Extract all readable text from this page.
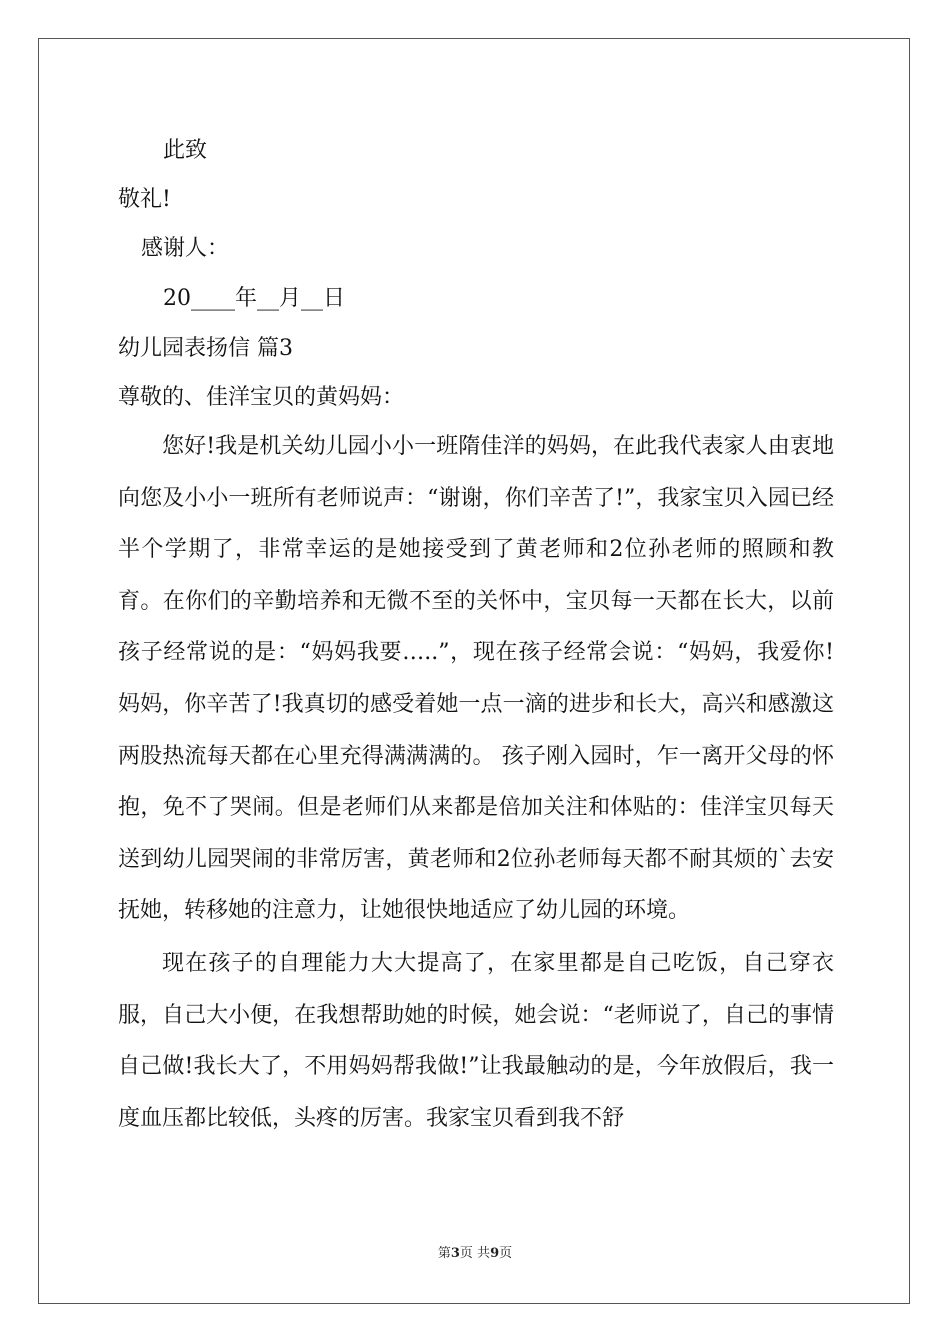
此致
敬礼!
感谢人：
20____年__月__日
幼儿园表扬信 篇3
尊敬的、佳洋宝贝的黄妈妈：

您好!我是机关幼儿园小小一班隋佳洋的妈妈，在此我代表家人由衷地向您及小小一班所有老师说声：“谢谢，你们辛苦了!”，我家宝贝入园已经半个学期了，非常幸运的是她接受到了黄老师和2位孙老师的照顾和教育。在你们的辛勤培养和无微不至的关怀中，宝贝每一天都在长大，以前孩子经常说的是：“妈妈我要…..”，现在孩子经常会说：“妈妈，我爱你!妈妈，你辛苦了!我真切的感受着她一点一滴的进步和长大，高兴和感激这两股热流每天都在心里充得满满满的。 孩子刚入园时，乍一离开父母的怀抱，免不了哭闹。但是老师们从来都是倍加关注和体贴的：佳洋宝贝每天送到幼儿园哭闹的非常厉害，黄老师和2位孙老师每天都不耐其烦的`去安抚她，转移她的注意力，让她很快地适应了幼儿园的环境。

现在孩子的自理能力大大提高了，在家里都是自己吃饭，自己穿衣服，自己大小便，在我想帮助她的时候，她会说：“老师说了，自己的事情自己做!我长大了，不用妈妈帮我做!”让我最触动的是，今年放假后，我一度血压都比较低，头疼的厉害。我家宝贝看到我不舒

第3页 共9页
